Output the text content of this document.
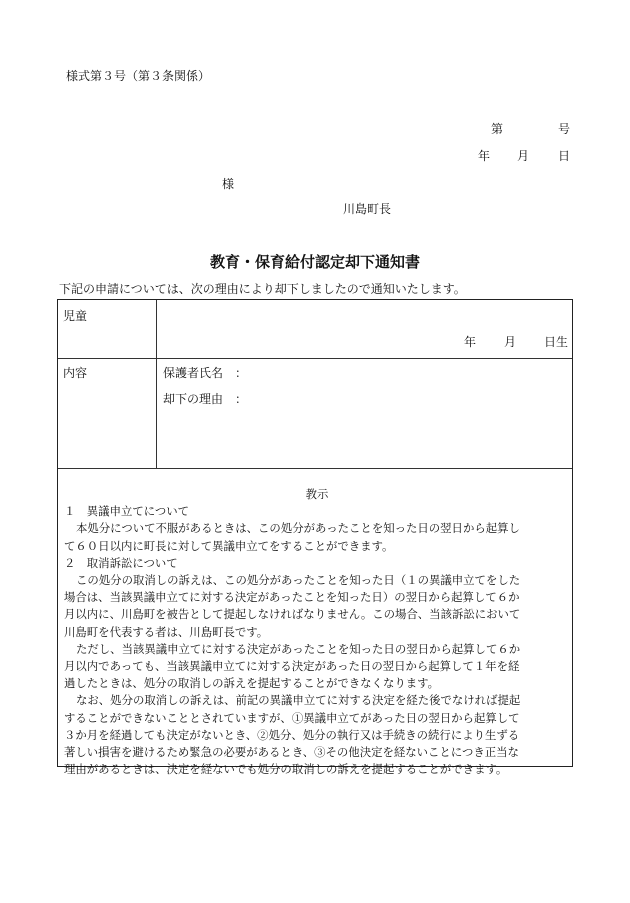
様式第３号（第３条関係）
第	号
年 月 日
様
川島町長
教育・保育給付認定却下通知書
下記の申請については、次の理由により却下しましたので通知いたします。
児童
年 月 日生
内容	保護者氏名　：
却下の理由　：

教示

１　異議申立てについて

本処分について不服があるときは、この処分があったことを知った日の翌日から起算し

て６０日以内に町長に対して異議申立てをすることができます。

２　取消訴訟について

この処分の取消しの訴えは、この処分があったことを知った日（１の異議申立てをした

場合は、当該異議申立てに対する決定があったことを知った日）の翌日から起算して６か

月以内に、川島町を被告として提起しなければなりません。この場合、当該訴訟において

川島町を代表する者は、川島町長です。

ただし、当該異議申立てに対する決定があったことを知った日の翌日から起算して６か

月以内であっても、当該異議申立てに対する決定があった日の翌日から起算して１年を経

過したときは、処分の取消しの訴えを提起することができなくなります。

なお、処分の取消しの訴えは、前記の異議申立てに対する決定を経た後でなければ提起

することができないこととされていますが、①異議申立てがあった日の翌日から起算して

３か月を経過しても決定がないとき、②処分、処分の執行又は手続きの続行により生ずる

著しい損害を避けるため緊急の必要があるとき、③その他決定を経ないことにつき正当な

理由があるときは、決定を経ないでも処分の取消しの訴えを提起することができます。
